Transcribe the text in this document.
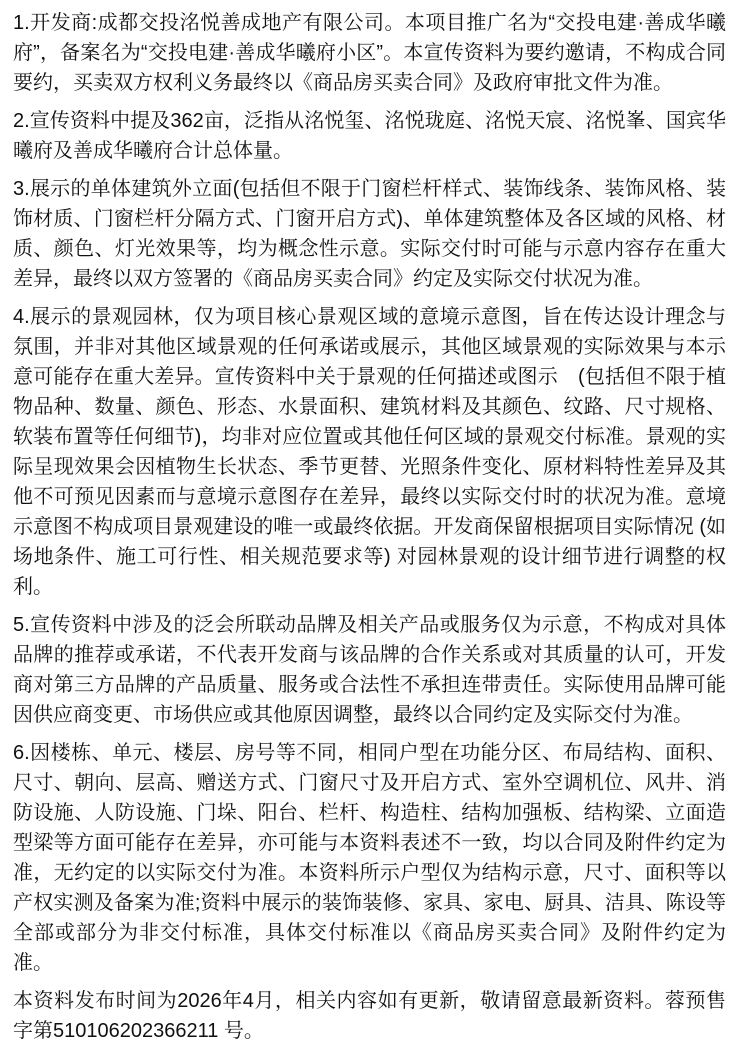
1.开发商:成都交投洺悦善成地产有限公司。本项目推广名为“交投电建·善成华曦府”，备案名为“交投电建·善成华曦府小区”。本宣传资料为要约邀请，不构成合同要约，买卖双方权利义务最终以《商品房买卖合同》及政府审批文件为准。

2.宣传资料中提及362亩，泛指从洺悦玺、洺悦珑庭、洺悦天宸、洺悦峯、国宾华曦府及善成华曦府合计总体量。

3.展示的单体建筑外立面(包括但不限于门窗栏杆样式、装饰线条、装饰风格、装饰材质、门窗栏杆分隔方式、门窗开启方式)、单体建筑整体及各区域的风格、材质、颜色、灯光效果等，均为概念性示意。实际交付时可能与示意内容存在重大差异，最终以双方签署的《商品房买卖合同》约定及实际交付状况为准。

4.展示的景观园林，仅为项目核心景观区域的意境示意图，旨在传达设计理念与氛围，并非对其他区域景观的任何承诺或展示，其他区域景观的实际效果与本示意可能存在重大差异。宣传资料中关于景观的任何描述或图示　(包括但不限于植物品种、数量、颜色、形态、水景面积、建筑材料及其颜色、纹路、尺寸规格、软装布置等任何细节)，均非对应位置或其他任何区域的景观交付标准。景观的实际呈现效果会因植物生长状态、季节更替、光照条件变化、原材料特性差异及其他不可预见因素而与意境示意图存在差异，最终以实际交付时的状况为准。意境示意图不构成项目景观建设的唯一或最终依据。开发商保留根据项目实际情况 (如场地条件、施工可行性、相关规范要求等) 对园林景观的设计细节进行调整的权利。

5.宣传资料中涉及的泛会所联动品牌及相关产品或服务仅为示意，不构成对具体品牌的推荐或承诺，不代表开发商与该品牌的合作关系或对其质量的认可，开发商对第三方品牌的产品质量、服务或合法性不承担连带责任。实际使用品牌可能因供应商变更、市场供应或其他原因调整，最终以合同约定及实际交付为准。

6.因楼栋、单元、楼层、房号等不同，相同户型在功能分区、布局结构、面积、尺寸、朝向、层高、赠送方式、门窗尺寸及开启方式、室外空调机位、风井、消防设施、人防设施、门垛、阳台、栏杆、构造柱、结构加强板、结构梁、立面造型梁等方面可能存在差异，亦可能与本资料表述不一致，均以合同及附件约定为准，无约定的以实际交付为准。本资料所示户型仅为结构示意，尺寸、面积等以产权实测及备案为准;资料中展示的装饰装修、家具、家电、厨具、洁具、陈设等全部或部分为非交付标准，具体交付标准以《商品房买卖合同》及附件约定为准。

本资料发布时间为2026年4月，相关内容如有更新，敬请留意最新资料。蓉预售字第510106202366211 号。
